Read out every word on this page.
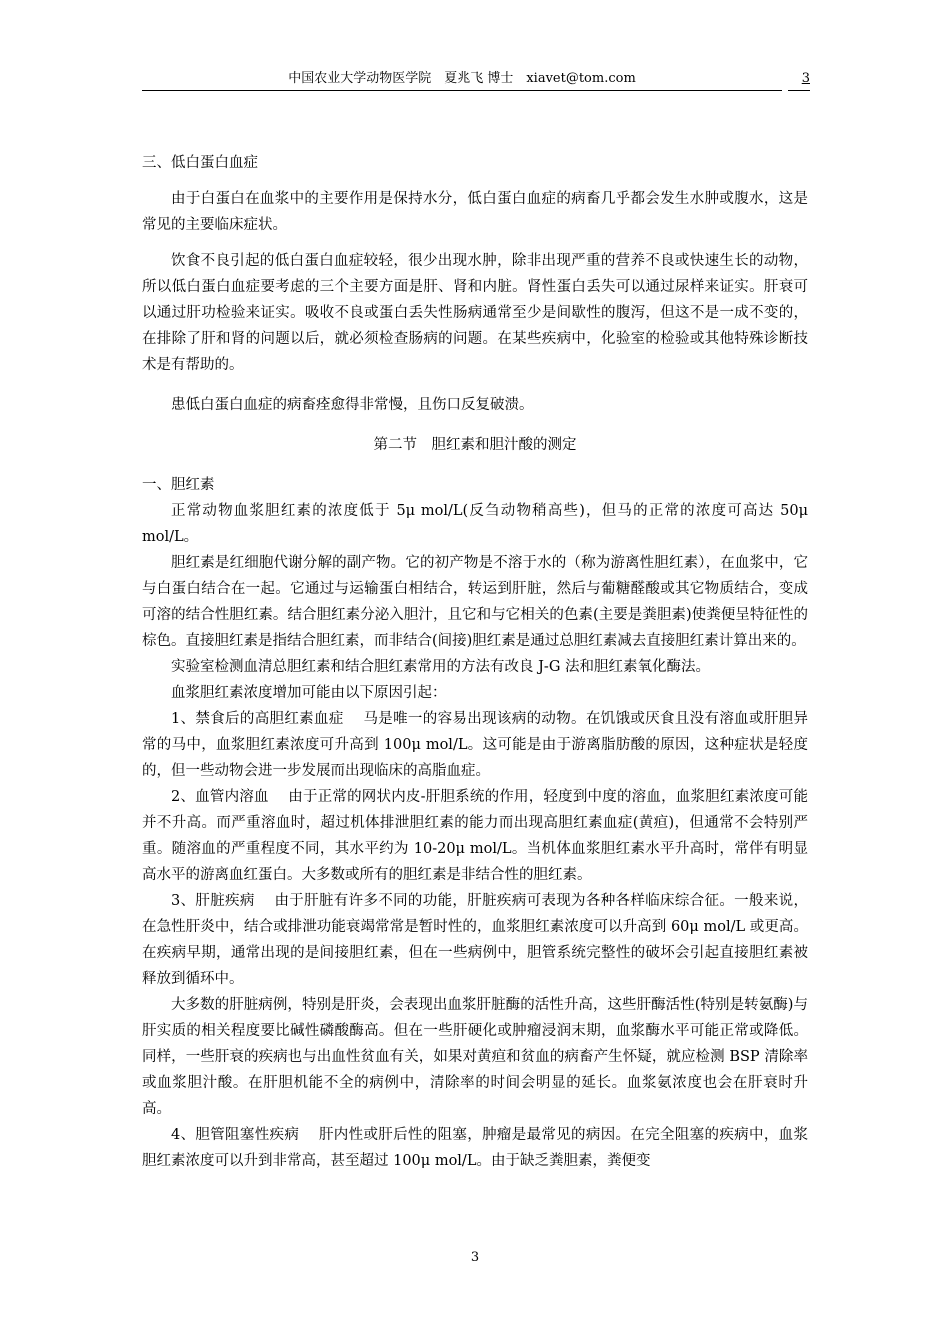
中国农业大学动物医学院　夏兆飞 博士　xiavet@tom.com	3

三、低白蛋白血症

由于白蛋白在血浆中的主要作用是保持水分，低白蛋白血症的病畜几乎都会发生水肿或腹水，这是常见的主要临床症状。

饮食不良引起的低白蛋白血症较轻，很少出现水肿，除非出现严重的营养不良或快速生长的动物，所以低白蛋白血症要考虑的三个主要方面是肝、肾和内脏。肾性蛋白丢失可以通过尿样来证实。肝衰可以通过肝功检验来证实。吸收不良或蛋白丢失性肠病通常至少是间歇性的腹泻，但这不是一成不变的，在排除了肝和肾的问题以后，就必须检查肠病的问题。在某些疾病中，化验室的检验或其他特殊诊断技术是有帮助的。

患低白蛋白血症的病畜痊愈得非常慢，且伤口反复破溃。

第二节　胆红素和胆汁酸的测定

一、胆红素

正常动物血浆胆红素的浓度低于 5μ mol/L(反刍动物稍高些)，但马的正常的浓度可高达 50μ mol/L。

胆红素是红细胞代谢分解的副产物。它的初产物是不溶于水的（称为游离性胆红素），在血浆中，它与白蛋白结合在一起。它通过与运输蛋白相结合，转运到肝脏，然后与葡糖醛酸或其它物质结合，变成可溶的结合性胆红素。结合胆红素分泌入胆汁，且它和与它相关的色素(主要是粪胆素)使粪便呈特征性的棕色。直接胆红素是指结合胆红素，而非结合(间接)胆红素是通过总胆红素减去直接胆红素计算出来的。

实验室检测血清总胆红素和结合胆红素常用的方法有改良 J-G 法和胆红素氧化酶法。

血浆胆红素浓度增加可能由以下原因引起：

1、禁食后的高胆红素血症　 马是唯一的容易出现该病的动物。在饥饿或厌食且没有溶血或肝胆异常的马中，血浆胆红素浓度可升高到 100μ mol/L。这可能是由于游离脂肪酸的原因，这种症状是轻度的，但一些动物会进一步发展而出现临床的高脂血症。

2、血管内溶血　 由于正常的网状内皮-肝胆系统的作用，轻度到中度的溶血，血浆胆红素浓度可能并不升高。而严重溶血时，超过机体排泄胆红素的能力而出现高胆红素血症(黄疸)，但通常不会特别严重。随溶血的严重程度不同，其水平约为 10-20μ mol/L。当机体血浆胆红素水平升高时，常伴有明显高水平的游离血红蛋白。大多数或所有的胆红素是非结合性的胆红素。

3、肝脏疾病　 由于肝脏有许多不同的功能，肝脏疾病可表现为各种各样临床综合征。一般来说，在急性肝炎中，结合或排泄功能衰竭常常是暂时性的，血浆胆红素浓度可以升高到 60μ mol/L 或更高。在疾病早期，通常出现的是间接胆红素，但在一些病例中，胆管系统完整性的破坏会引起直接胆红素被释放到循环中。

大多数的肝脏病例，特别是肝炎，会表现出血浆肝脏酶的活性升高，这些肝酶活性(特别是转氨酶)与肝实质的相关程度要比碱性磷酸酶高。但在一些肝硬化或肿瘤浸润末期，血浆酶水平可能正常或降低。同样，一些肝衰的疾病也与出血性贫血有关，如果对黄疸和贫血的病畜产生怀疑，就应检测 BSP 清除率或血浆胆汁酸。在肝胆机能不全的病例中，清除率的时间会明显的延长。血浆氨浓度也会在肝衰时升高。

4、胆管阻塞性疾病　 肝内性或肝后性的阻塞，肿瘤是最常见的病因。在完全阻塞的疾病中，血浆胆红素浓度可以升到非常高，甚至超过 100μ mol/L。由于缺乏粪胆素，粪便变

3
